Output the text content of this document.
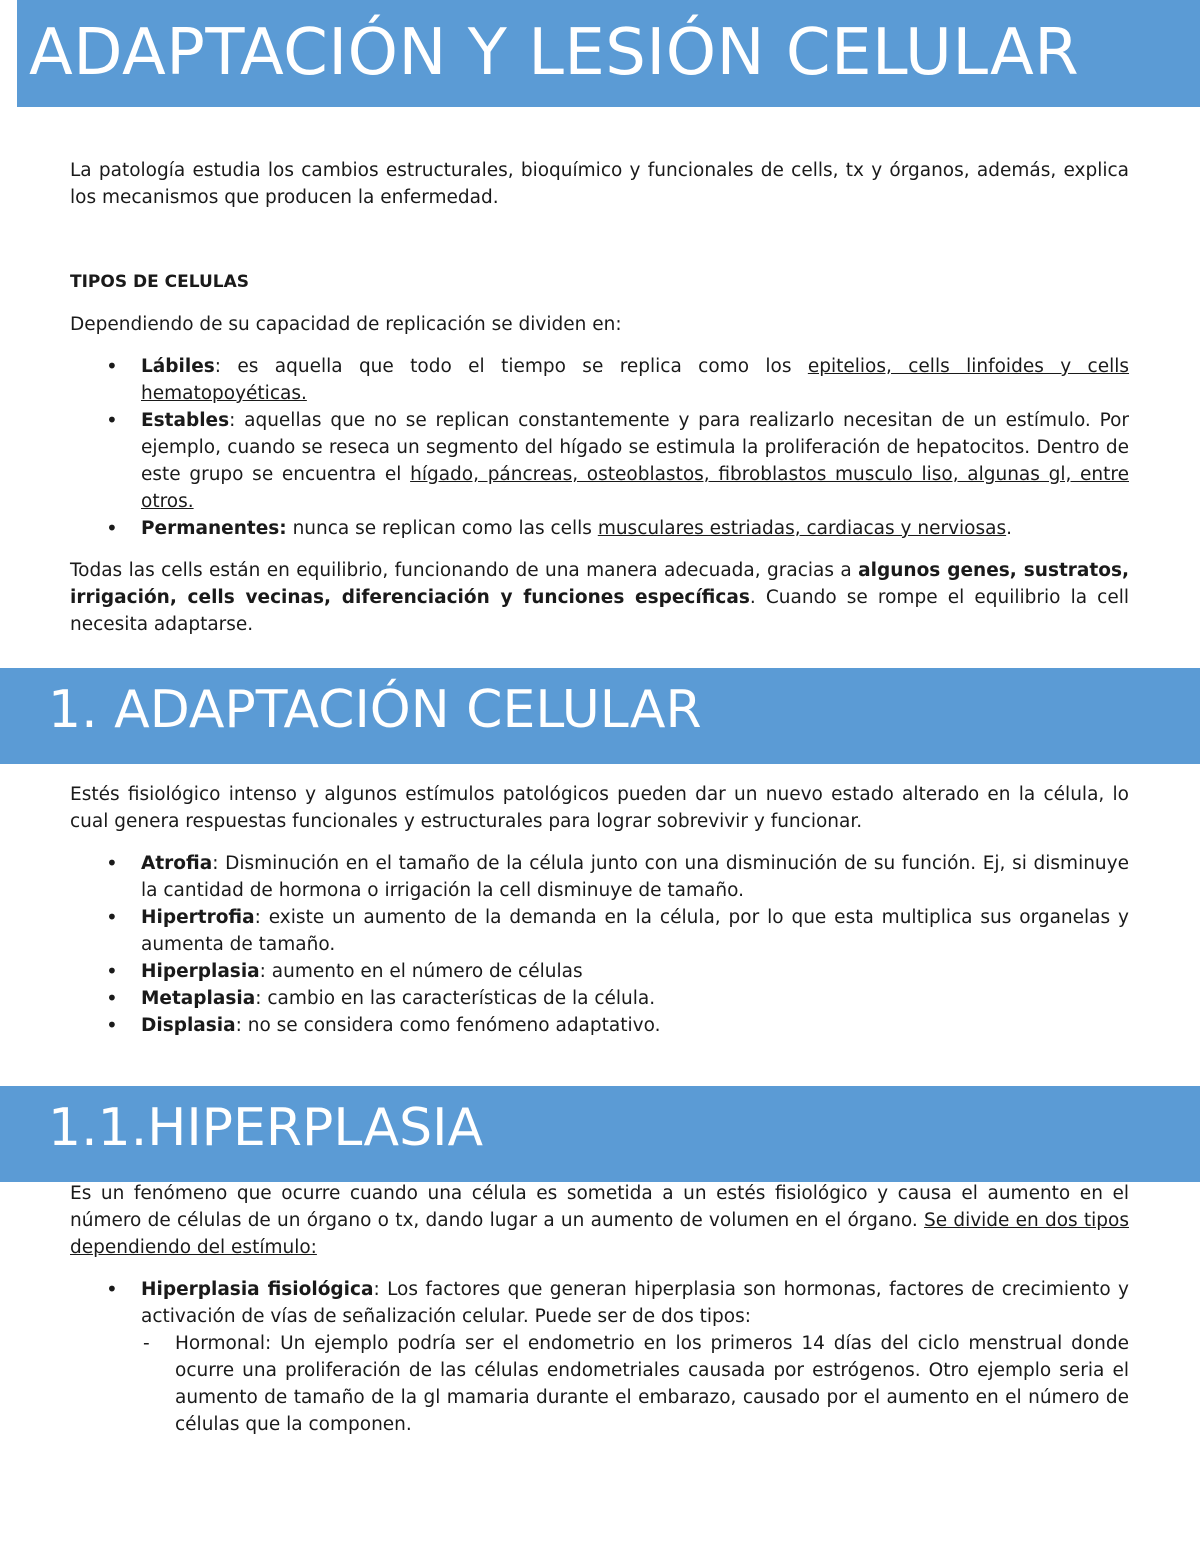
ADAPTACIÓN Y LESIÓN CELULAR

La patología estudia los cambios estructurales, bioquímico y funcionales de cells, tx y órganos, además, explica los mecanismos que producen la enfermedad.

TIPOS DE CELULAS

Dependiendo de su capacidad de replicación se dividen en:

• Lábiles: es aquella que todo el tiempo se replica como los epitelios, cells linfoides y cells hematopoyéticas.
• Estables: aquellas que no se replican constantemente y para realizarlo necesitan de un estímulo. Por ejemplo, cuando se reseca un segmento del hígado se estimula la proliferación de hepatocitos. Dentro de este grupo se encuentra el hígado, páncreas, osteoblastos, fibroblastos musculo liso, algunas gl, entre otros.
• Permanentes: nunca se replican como las cells musculares estriadas, cardiacas y nerviosas.

Todas las cells están en equilibrio, funcionando de una manera adecuada, gracias a algunos genes, sustratos, irrigación, cells vecinas, diferenciación y funciones específicas. Cuando se rompe el equilibrio la cell necesita adaptarse.

1. ADAPTACIÓN CELULAR

Estés fisiológico intenso y algunos estímulos patológicos pueden dar un nuevo estado alterado en la célula, lo cual genera respuestas funcionales y estructurales para lograr sobrevivir y funcionar.

• Atrofia: Disminución en el tamaño de la célula junto con una disminución de su función. Ej, si disminuye la cantidad de hormona o irrigación la cell disminuye de tamaño.
• Hipertrofia: existe un aumento de la demanda en la célula, por lo que esta multiplica sus organelas y aumenta de tamaño.
• Hiperplasia: aumento en el número de células
• Metaplasia: cambio en las características de la célula.
• Displasia: no se considera como fenómeno adaptativo.
1.1.HIPERPLASIA

Es un fenómeno que ocurre cuando una célula es sometida a un estés fisiológico y causa el aumento en el número de células de un órgano o tx, dando lugar a un aumento de volumen en el órgano. Se divide en dos tipos dependiendo del estímulo:

• Hiperplasia fisiológica: Los factores que generan hiperplasia son hormonas, factores de crecimiento y activación de vías de señalización celular. Puede ser de dos tipos:
- Hormonal: Un ejemplo podría ser el endometrio en los primeros 14 días del ciclo menstrual donde ocurre una proliferación de las células endometriales causada por estrógenos. Otro ejemplo seria el aumento de tamaño de la gl mamaria durante el embarazo, causado por el aumento en el número de células que la componen.
